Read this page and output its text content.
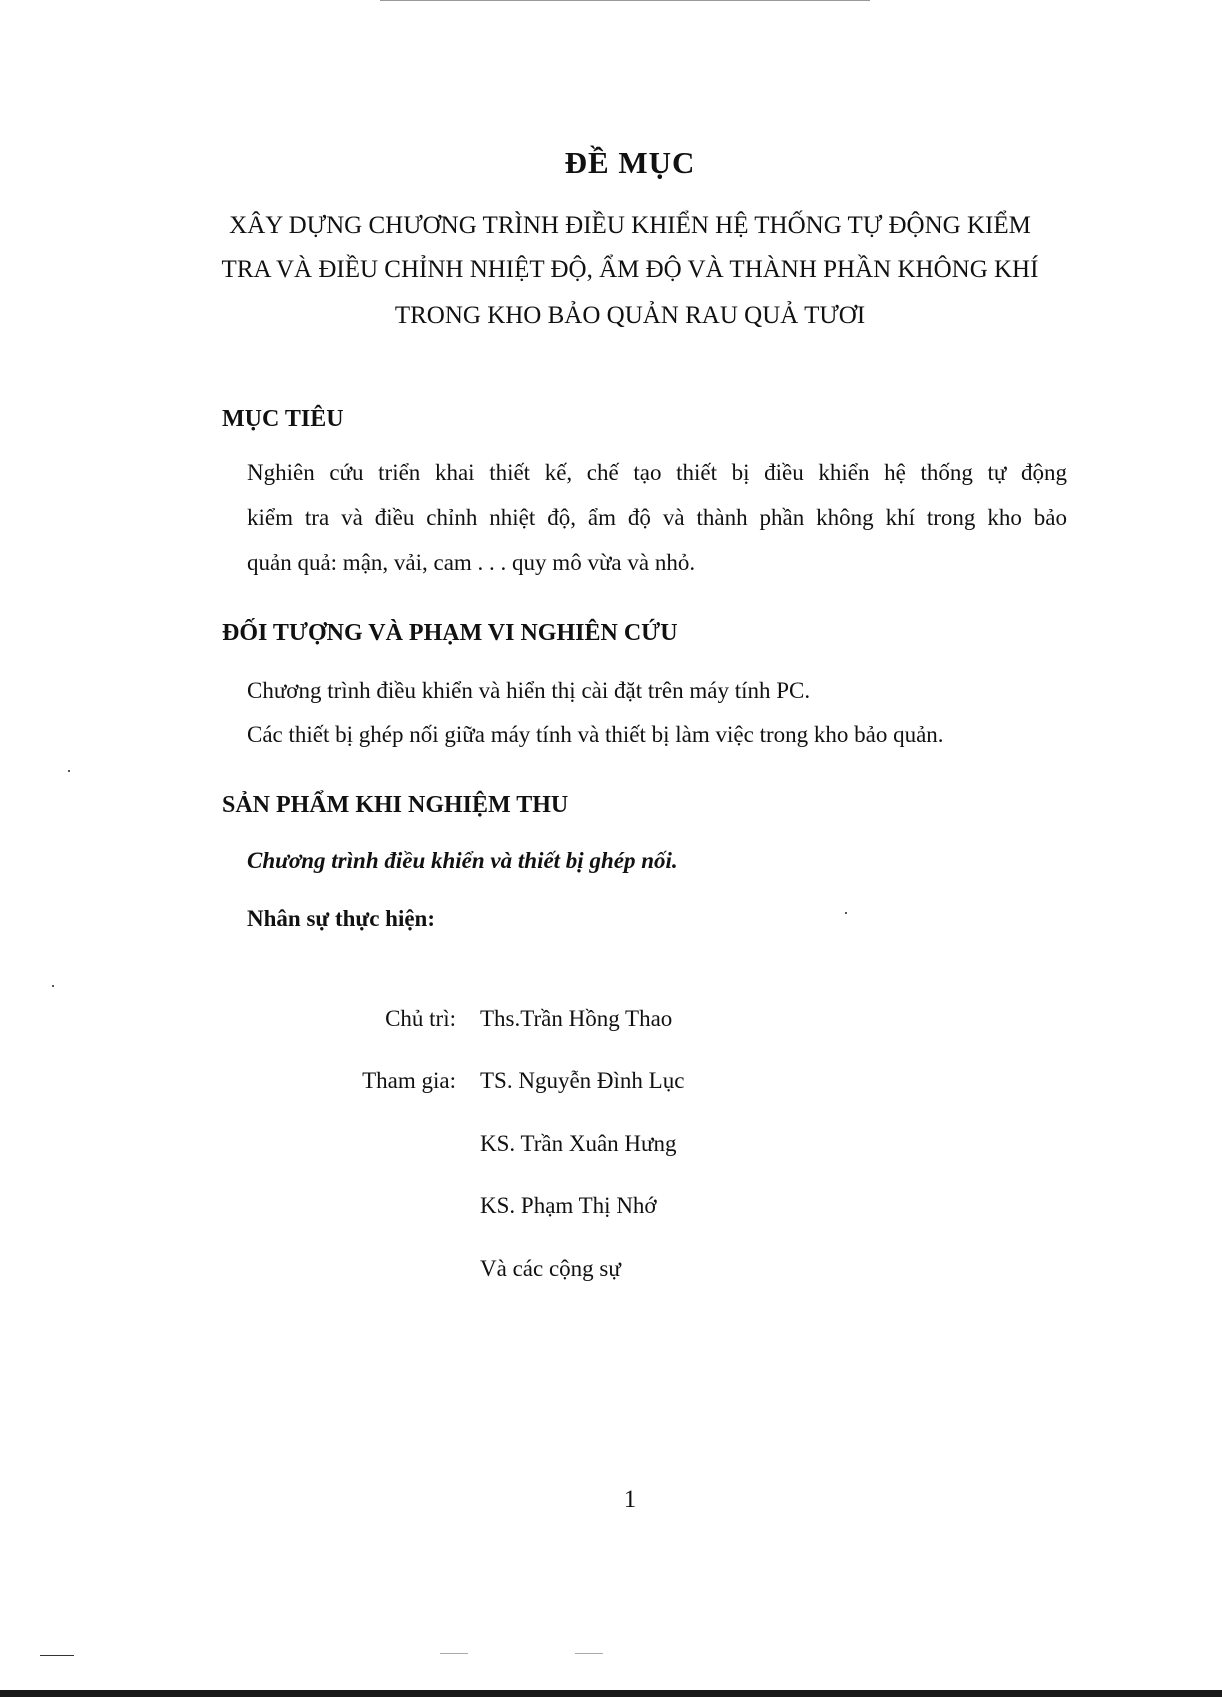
ĐỀ MỤC

XÂY DỰNG CHƯƠNG TRÌNH ĐIỀU KHIỂN HỆ THỐNG TỰ ĐỘNG KIỂM

TRA VÀ ĐIỀU CHỈNH NHIỆT ĐỘ, ẨM ĐỘ VÀ THÀNH PHẦN KHÔNG KHÍ

TRONG KHO BẢO QUẢN RAU QUẢ TƯƠI

MỤC TIÊU

Nghiên cứu triển khai thiết kế, chế tạo thiết bị điều khiển hệ thống tự động

kiểm tra và điều chỉnh nhiệt độ, ẩm độ và thành phần không khí trong kho bảo

quản quả: mận, vải, cam . . . quy mô vừa và nhỏ.

ĐỐI TƯỢNG VÀ PHẠM VI NGHIÊN CỨU

Chương trình điều khiển và hiển thị cài đặt trên máy tính PC.

Các thiết bị ghép nối giữa máy tính và thiết bị làm việc trong kho bảo quản.

SẢN PHẨM KHI NGHIỆM THU

Chương trình điều khiển và thiết bị ghép nối.

Nhân sự thực hiện:

Chủ trì: Ths.Trần Hồng Thao
Tham gia: TS. Nguyễn Đình Lục
KS. Trần Xuân Hưng
KS. Phạm Thị Nhớ
Và các cộng sự

1
